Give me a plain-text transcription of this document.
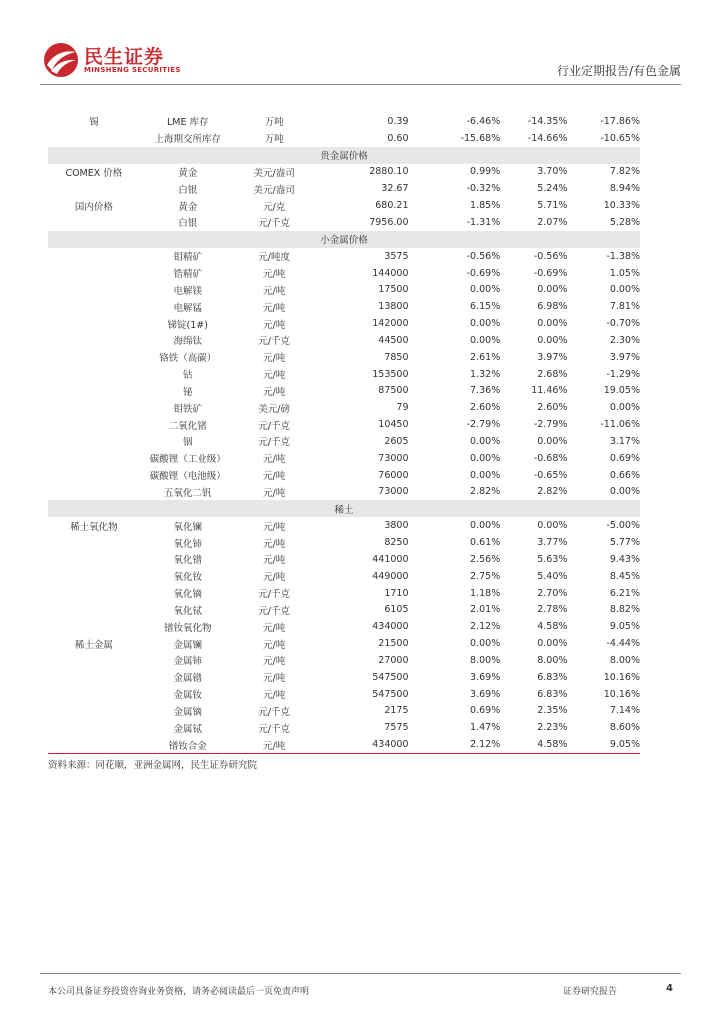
民生证券
MINSHENG SECURITIES	行业定期报告/有色金属
锡	LME 库存	万吨	0.39	-6.46%	-14.35%	-17.86%
	上海期交所库存	万吨	0.60	-15.68%	-14.66%	-10.65%
贵金属价格						
COMEX 价格	黄金	美元/盎司	2880.10	0.99%	3.70%	7.82%
	白银	美元/盎司	32.67	-0.32%	5.24%	8.94%
国内价格	黄金	元/克	680.21	1.85%	5.71%	10.33%
	白银	元/千克	7956.00	-1.31%	2.07%	5.28%
小金属价格						
	钼精矿	元/吨度	3575	-0.56%	-0.56%	-1.38%
	锆精矿	元/吨	144000	-0.69%	-0.69%	1.05%
	电解镁	元/吨	17500	0.00%	0.00%	0.00%
	电解锰	元/吨	13800	6.15%	6.98%	7.81%
	锑锭(1#)	元/吨	142000	0.00%	0.00%	-0.70%
	海绵钛	元/千克	44500	0.00%	0.00%	2.30%
	铬铁（高碳）	元/吨	7850	2.61%	3.97%	3.97%
	钴	元/吨	153500	1.32%	2.68%	-1.29%
	铋	元/吨	87500	7.36%	11.46%	19.05%
	钼铁矿	美元/磅	79	2.60%	2.60%	0.00%
	二氧化锗	元/千克	10450	-2.79%	-2.79%	-11.06%
	铟	元/千克	2605	0.00%	0.00%	3.17%
	碳酸锂（工业级）	元/吨	73000	0.00%	-0.68%	0.69%
	碳酸锂（电池级）	元/吨	76000	0.00%	-0.65%	0.66%
	五氧化二钒	元/吨	73000	2.82%	2.82%	0.00%
稀土						
稀土氧化物	氧化镧	元/吨	3800	0.00%	0.00%	-5.00%
	氧化铈	元/吨	8250	0.61%	3.77%	5.77%
	氧化镨	元/吨	441000	2.56%	5.63%	9.43%
	氧化钕	元/吨	449000	2.75%	5.40%	8.45%
	氧化镝	元/千克	1710	1.18%	2.70%	6.21%
	氧化铽	元/千克	6105	2.01%	2.78%	8.82%
	镨钕氧化物	元/吨	434000	2.12%	4.58%	9.05%
稀土金属	金属镧	元/吨	21500	0.00%	0.00%	-4.44%
	金属铈	元/吨	27000	8.00%	8.00%	8.00%
	金属镨	元/吨	547500	3.69%	6.83%	10.16%
	金属钕	元/吨	547500	3.69%	6.83%	10.16%
	金属镝	元/千克	2175	0.69%	2.35%	7.14%
	金属铽	元/千克	7575	1.47%	2.23%	8.60%
	镨钕合金	元/吨	434000	2.12%	4.58%	9.05%
资料来源：同花顺，亚洲金属网，民生证券研究院
本公司具备证券投资咨询业务资格，请务必阅读最后一页免责声明	证券研究报告	4
